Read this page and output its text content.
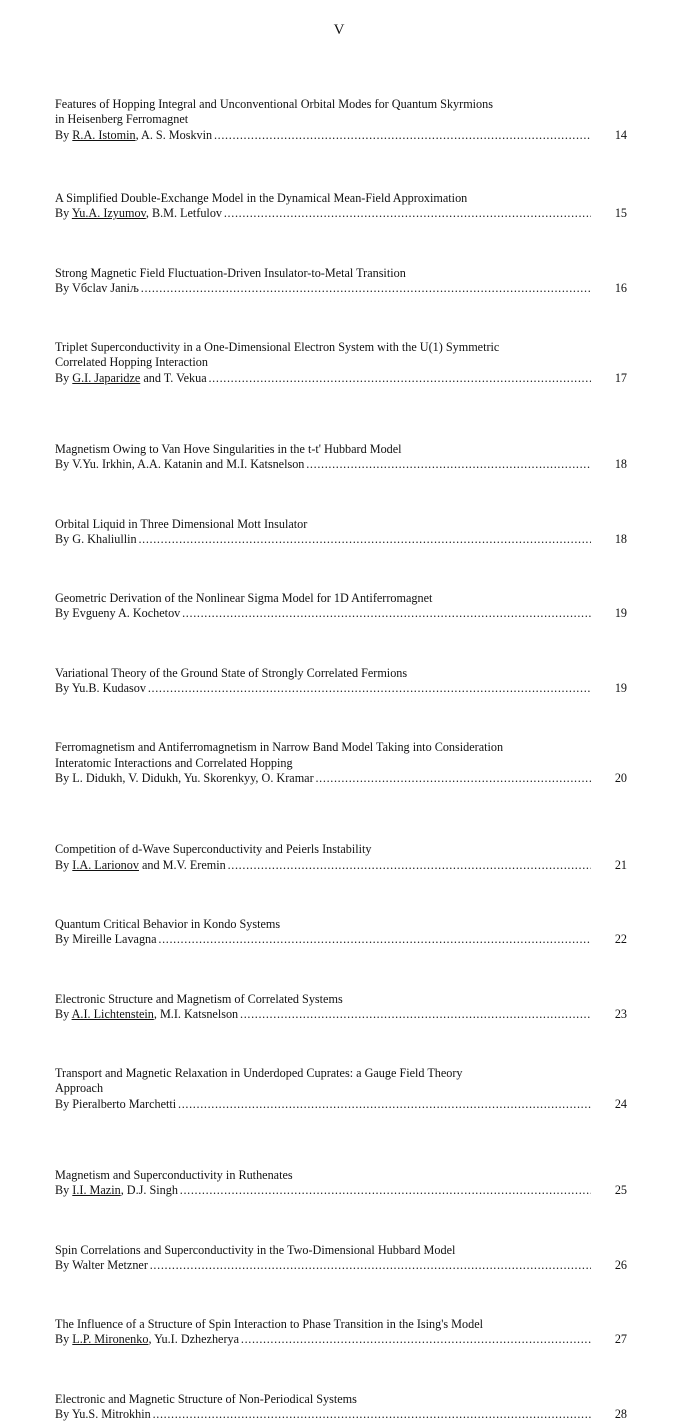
V
Features of Hopping Integral and Unconventional Orbital Modes for Quantum Skyrmions
in Heisenberg Ferromagnet
By R.A. Istomin, A. S. Moskvin . . .	14
A Simplified Double-Exchange Model in the Dynamical Mean-Field Approximation
By Yu.A. Izyumov, B.M. Letfulov . . .	15
Strong Magnetic Field Fluctuation-Driven Insulator-to-Metal Transition
By Vбclav Janiљ . . .	16
Triplet Superconductivity in a One-Dimensional Electron System with the U(1) Symmetric
Correlated Hopping Interaction
By G.I. Japaridze and T. Vekua . . .	17
Magnetism Owing to Van Hove Singularities in the t-t' Hubbard Model
By V.Yu. Irkhin, A.A. Katanin and M.I. Katsnelson . . .	18
Orbital Liquid in Three Dimensional Mott Insulator
By G. Khaliullin . . .	18
Geometric Derivation of the Nonlinear Sigma Model for 1D Antiferromagnet
By Evgueny A. Kochetov . . .	19
Variational Theory of the Ground State of Strongly Correlated Fermions
By Yu.B. Kudasov . . .	19
Ferromagnetism and Antiferromagnetism in Narrow Band Model Taking into Consideration
Interatomic Interactions and Correlated Hopping
By L. Didukh, V. Didukh, Yu. Skorenkyy, O. Kramar . . .	20
Competition of d-Wave Superconductivity and Peierls Instability
By I.A. Larionov and M.V. Eremin . . .	21
Quantum Critical Behavior in Kondo Systems
By Mireille Lavagna . . .	22
Electronic Structure and Magnetism of Correlated Systems
By A.I. Lichtenstein, M.I. Katsnelson . . .	23
Transport and Magnetic Relaxation in Underdoped Cuprates: a Gauge Field Theory
Approach
By Pieralberto Marchetti . . .	24
Magnetism and Superconductivity in Ruthenates
By I.I. Mazin, D.J. Singh . . .	25
Spin Correlations and Superconductivity in the Two-Dimensional Hubbard Model
By Walter Metzner . . .	26
The Influence of a Structure of Spin Interaction to Phase Transition in the Ising's Model
By L.P. Mironenko, Yu.I. Dzhezherya . . .	27
Electronic and Magnetic Structure of Non-Periodical Systems
By Yu.S. Mitrokhin . . .	28
